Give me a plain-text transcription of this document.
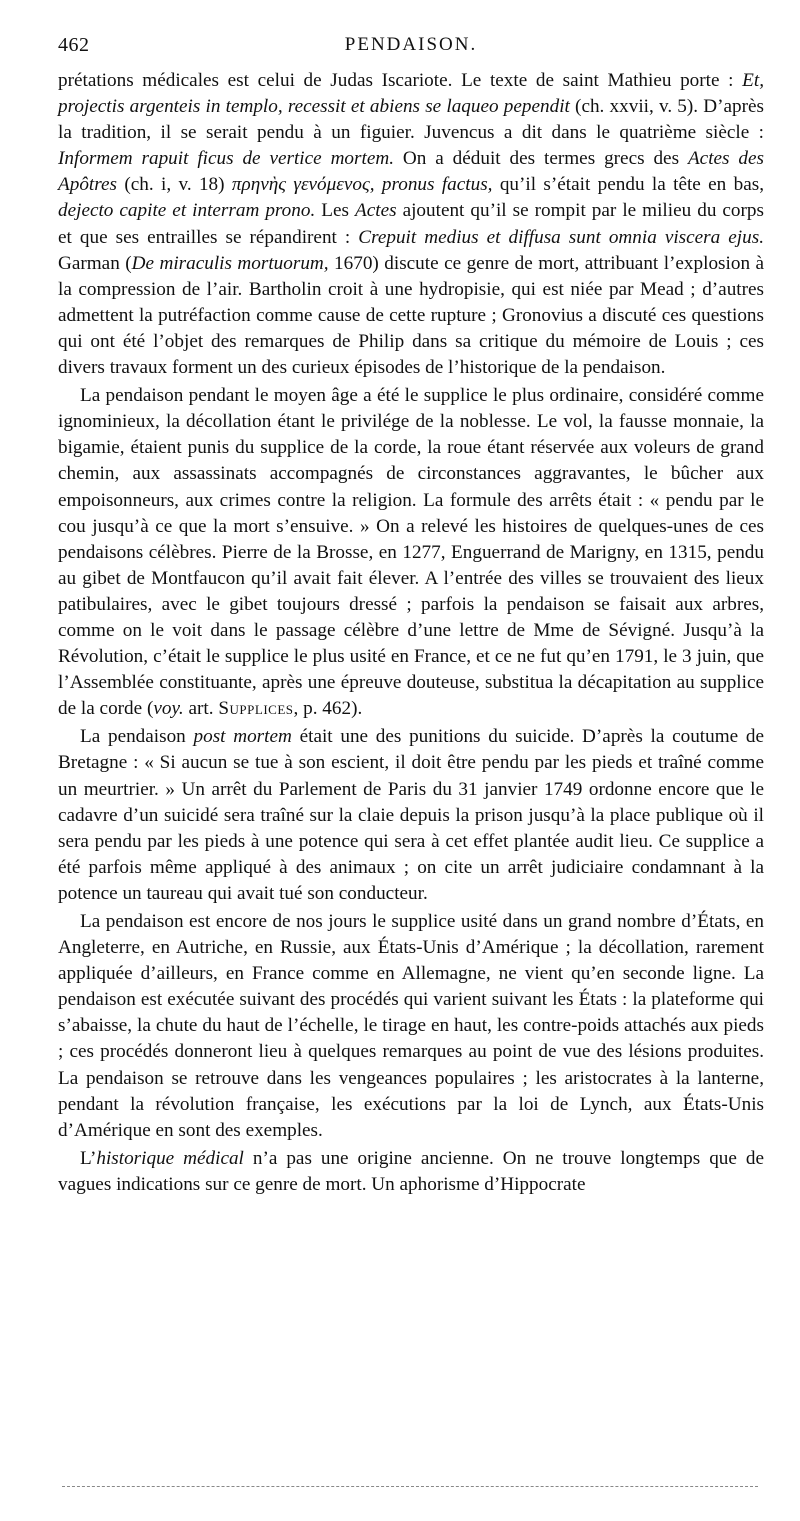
462	PENDAISON.

prétations médicales est celui de Judas Iscariote. Le texte de saint Mathieu porte : Et, projectis argenteis in templo, recessit et abiens se laqueo pependit (ch. xxvii, v. 5). D’après la tradition, il se serait pendu à un figuier. Juvencus a dit dans le quatrième siècle : Informem rapuit ficus de vertice mortem. On a déduit des termes grecs des Actes des Apôtres (ch. i, v. 18) πρηνὴς γενόμενος, pronus factus, qu’il s’était pendu la tête en bas, dejecto capite et interram prono. Les Actes ajoutent qu’il se rompit par le milieu du corps et que ses entrailles se répandirent : Crepuit medius et diffusa sunt omnia viscera ejus. Garman (De miraculis mortuorum, 1670) discute ce genre de mort, attribuant l’explosion à la compression de l’air. Bartholin croit à une hydropisie, qui est niée par Mead ; d’autres admettent la putréfaction comme cause de cette rupture ; Gronovius a discuté ces questions qui ont été l’objet des remarques de Philip dans sa critique du mémoire de Louis ; ces divers travaux forment un des curieux épisodes de l’historique de la pendaison.

La pendaison pendant le moyen âge a été le supplice le plus ordinaire, considéré comme ignominieux, la décollation étant le privilége de la noblesse. Le vol, la fausse monnaie, la bigamie, étaient punis du supplice de la corde, la roue étant réservée aux voleurs de grand chemin, aux assassinats accompagnés de circonstances aggravantes, le bûcher aux empoisonneurs, aux crimes contre la religion. La formule des arrêts était : « pendu par le cou jusqu’à ce que la mort s’ensuive. » On a relevé les histoires de quelques-unes de ces pendaisons célèbres. Pierre de la Brosse, en 1277, Enguerrand de Marigny, en 1315, pendu au gibet de Montfaucon qu’il avait fait élever. A l’entrée des villes se trouvaient des lieux patibulaires, avec le gibet toujours dressé ; parfois la pendaison se faisait aux arbres, comme on le voit dans le passage célèbre d’une lettre de Mme de Sévigné. Jusqu’à la Révolution, c’était le supplice le plus usité en France, et ce ne fut qu’en 1791, le 3 juin, que l’Assemblée constituante, après une épreuve douteuse, substitua la décapitation au supplice de la corde (voy. art. Supplices, p. 462).

La pendaison post mortem était une des punitions du suicide. D’après la coutume de Bretagne : « Si aucun se tue à son escient, il doit être pendu par les pieds et traîné comme un meurtrier. » Un arrêt du Parlement de Paris du 31 janvier 1749 ordonne encore que le cadavre d’un suicidé sera traîné sur la claie depuis la prison jusqu’à la place publique où il sera pendu par les pieds à une potence qui sera à cet effet plantée audit lieu. Ce supplice a été parfois même appliqué à des animaux ; on cite un arrêt judiciaire condamnant à la potence un taureau qui avait tué son conducteur.

La pendaison est encore de nos jours le supplice usité dans un grand nombre d’États, en Angleterre, en Autriche, en Russie, aux États-Unis d’Amérique ; la décollation, rarement appliquée d’ailleurs, en France comme en Allemagne, ne vient qu’en seconde ligne. La pendaison est exécutée suivant des procédés qui varient suivant les États : la plateforme qui s’abaisse, la chute du haut de l’échelle, le tirage en haut, les contre-poids attachés aux pieds ; ces procédés donneront lieu à quelques remarques au point de vue des lésions produites. La pendaison se retrouve dans les vengeances populaires ; les aristocrates à la lanterne, pendant la révolution française, les exécutions par la loi de Lynch, aux États-Unis d’Amérique en sont des exemples.

L’historique médical n’a pas une origine ancienne. On ne trouve longtemps que de vagues indications sur ce genre de mort. Un aphorisme d’Hippocrate
